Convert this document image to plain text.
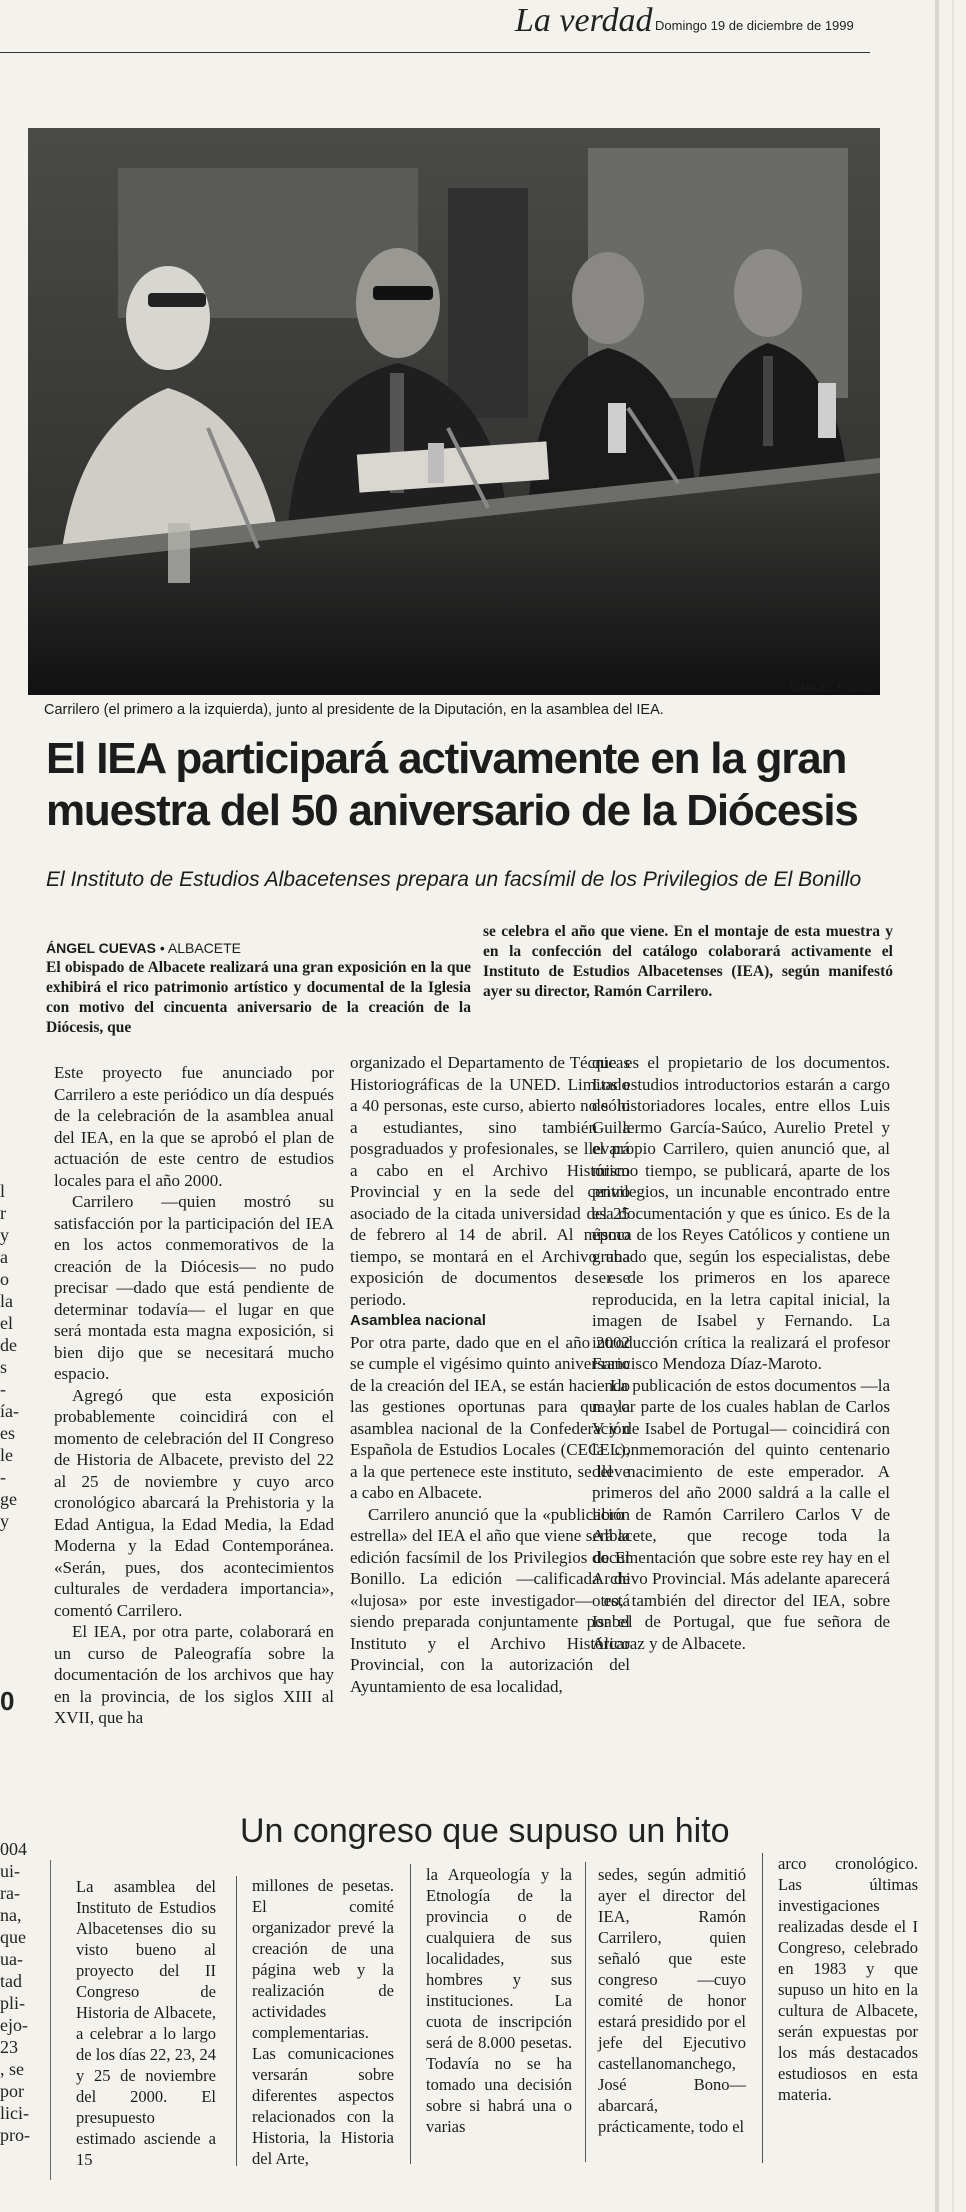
La verdad Domingo 19 de diciembre de 1999
l
r
y
a
o
la
el
de
s
-
ía-
es
le
-
ge
y
0
004
ui-
ra-
na,
que
ua-
tad
pli-
ejo-
23
, se
por
lici-
pro-
MANUEL PODIO
Carrilero (el primero a la izquierda), junto al presidente de la Diputación, en la asamblea del IEA.
El IEA participará activamente en la gran
muestra del 50 aniversario de la Diócesis
El Instituto de Estudios Albacetenses prepara un facsímil de los Privilegios de El Bonillo
ÁNGEL CUEVAS • ALBACETE
El obispado de Albacete realizará una gran exposición en la que exhibirá el rico patrimonio artístico y documental de la Iglesia con motivo del cincuenta aniversario de la creación de la Diócesis, que
se celebra el año que viene. En el montaje de esta muestra y en la confección del catálogo colaborará activamente el Instituto de Estudios Albacetenses (IEA), según manifestó ayer su director, Ramón Carrilero.

Este proyecto fue anunciado por Carrilero a este periódico un día después de la celebración de la asamblea anual del IEA, en la que se aprobó el plan de actuación de este centro de estudios locales para el año 2000.

Carrilero —quien mostró su satisfacción por la participación del IEA en los actos conmemorativos de la creación de la Diócesis— no pudo precisar —dado que está pendiente de determinar todavía— el lugar en que será montada esta magna exposición, si bien dijo que se necesitará mucho espacio.

Agregó que esta exposición probablemente coincidirá con el momento de celebración del II Congreso de Historia de Albacete, previsto del 22 al 25 de noviembre y cuyo arco cronológico abarcará la Prehistoria y la Edad Antigua, la Edad Media, la Edad Moderna y la Edad Contemporánea. «Serán, pues, dos acontecimientos culturales de verdadera importancia», comentó Carrilero.

El IEA, por otra parte, colaborará en un curso de Paleografía sobre la documentación de los archivos que hay en la provincia, de los siglos XIII al XVII, que ha

organizado el Departamento de Técnicas Historiográficas de la UNED. Limitado a 40 personas, este curso, abierto no sólo a estudiantes, sino también a posgraduados y profesionales, se llevará a cabo en el Archivo Histórico Provincial y en la sede del centro asociado de la citada universidad del 25 de febrero al 14 de abril. Al mismo tiempo, se montará en el Archivo una exposición de documentos de ese periodo.

Asamblea nacional

Por otra parte, dado que en el año 2002 se cumple el vigésimo quinto aniversario de la creación del IEA, se están haciendo las gestiones oportunas para que la asamblea nacional de la Confederación Española de Estudios Locales (CECEL), a la que pertenece este instituto, se lleve a cabo en Albacete.

Carrilero anunció que la «publicación estrella» del IEA el año que viene será la edición facsímil de los Privilegios de El Bonillo. La edición —calificada de «lujosa» por este investigador— está siendo preparada conjuntamente por el Instituto y el Archivo Histórico Provincial, con la autorización del Ayuntamiento de esa localidad,

que es el propietario de los documentos. Los estudios introductorios estarán a cargo de historiadores locales, entre ellos Luis Guillermo García-Saúco, Aurelio Pretel y el propio Carrilero, quien anunció que, al mismo tiempo, se publicará, aparte de los privilegios, un incunable encontrado entre esa documentación y que es único. Es de la época de los Reyes Católicos y contiene un grabado que, según los especialistas, debe ser de los primeros en los aparece reproducida, en la letra capital inicial, la imagen de Isabel y Fernando. La introducción crítica la realizará el profesor Francisco Mendoza Díaz-Maroto.

La publicación de estos documentos —la mayor parte de los cuales hablan de Carlos V y de Isabel de Portugal— coincidirá con la conmemoración del quinto centenario del nacimiento de este emperador. A primeros del año 2000 saldrá a la calle el libro de Ramón Carrilero Carlos V de Albacete, que recoge toda la documentación que sobre este rey hay en el Archivo Provincial. Más adelante aparecerá otro, también del director del IEA, sobre Isabel de Portugal, que fue señora de Alcaraz y de Albacete.

Un congreso que supuso un hito

La asamblea del Instituto de Estudios Albacetenses dio su visto bueno al proyecto del II Congreso de Historia de Albacete, a celebrar a lo largo de los días 22, 23, 24 y 25 de noviembre del 2000. El presupuesto estimado asciende a 15

millones de pesetas. El comité organizador prevé la creación de una página web y la realización de actividades complementarias. Las comunicaciones versarán sobre diferentes aspectos relacionados con la Historia, la Historia del Arte,

la Arqueología y la Etnología de la provincia o de cualquiera de sus localidades, sus hombres y sus instituciones. La cuota de inscripción será de 8.000 pesetas. Todavía no se ha tomado una decisión sobre si habrá una o varias

sedes, según admitió ayer el director del IEA, Ramón Carrilero, quien señaló que este congreso —cuyo comité de honor estará presidido por el jefe del Ejecutivo castellanomanchego, José Bono— abarcará, prácticamente, todo el

arco cronológico. Las últimas investigaciones realizadas desde el I Congreso, celebrado en 1983 y que supuso un hito en la cultura de Albacete, serán expuestas por los más destacados estudiosos en esta materia.
